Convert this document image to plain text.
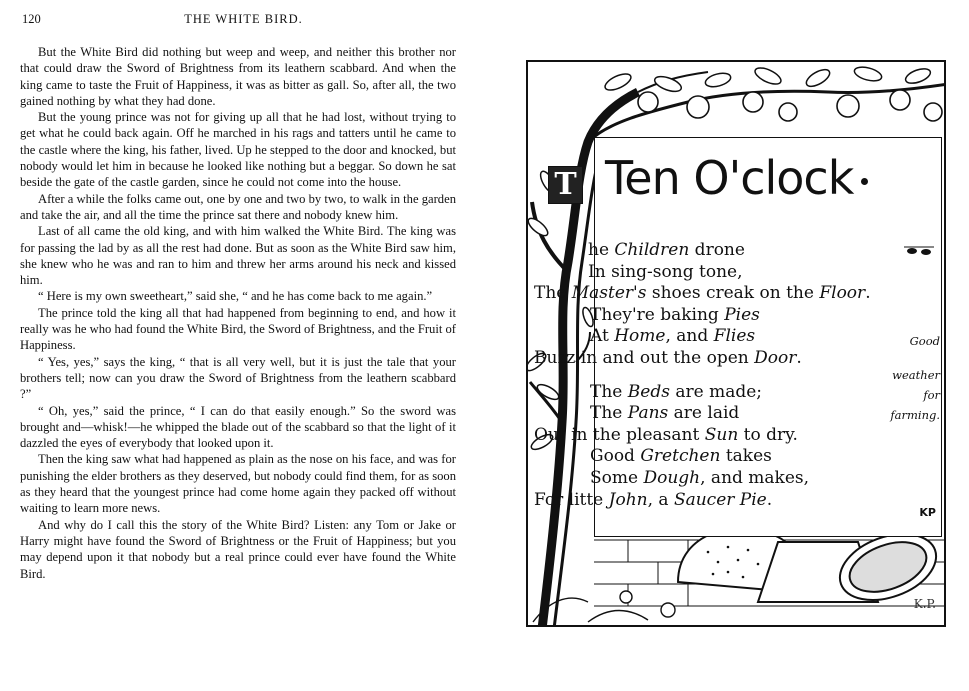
120	THE WHITE BIRD.

But the White Bird did nothing but weep and weep, and neither this brother nor that could draw the Sword of Brightness from its leathern scabbard. And when the king came to taste the Fruit of Happiness, it was as bitter as gall. So, after all, the two gained nothing by what they had done.

But the young prince was not for giving up all that he had lost, without trying to get what he could back again. Off he marched in his rags and tatters until he came to the castle where the king, his father, lived. Up he stepped to the door and knocked, but nobody would let him in because he looked like nothing but a beggar. So down he sat beside the gate of the castle garden, since he could not come into the house.

After a while the folks came out, one by one and two by two, to walk in the garden and take the air, and all the time the prince sat there and nobody knew him.

Last of all came the old king, and with him walked the White Bird. The king was for passing the lad by as all the rest had done. But as soon as the White Bird saw him, she knew who he was and ran to him and threw her arms around his neck and kissed him.

“ Here is my own sweetheart,” said she, “ and he has come back to me again.”

The prince told the king all that had happened from beginning to end, and how it really was he who had found the White Bird, the Sword of Brightness, and the Fruit of Happiness.

“ Yes, yes,” says the king, “ that is all very well, but it is just the tale that your brothers tell; now can you draw the Sword of Brightness from the leathern scabbard ?”

“ Oh, yes,” said the prince, “ I can do that easily enough.” So the sword was brought and—whisk!—he whipped the blade out of the scabbard so that the light of it dazzled the eyes of everybody that looked upon it.

Then the king saw what had happened as plain as the nose on his face, and was for punishing the elder brothers as they deserved, but nobody could find them, for as soon as they heard that the youngest prince had come home again they packed off without waiting to learn more news.

And why do I call this the story of the White Bird? Listen: any Tom or Jake or Harry might have found the Sword of Brightness or the Fruit of Happiness; but you may depend upon it that nobody but a real prince could ever have found the White Bird.

Ten O'clock
T
he Children drone
In sing-song tone,
The Master's shoes creak on the Floor.
They're baking Pies
At Home, and Flies
Buzz in and out the open Door.
The Beds are made;
The Pans are laid
Out in the pleasant Sun to dry.
Good Gretchen takes
Some Dough, and makes,
For litte John, a Saucer Pie.
Good
weather
for
farming.
KP
K.P.
